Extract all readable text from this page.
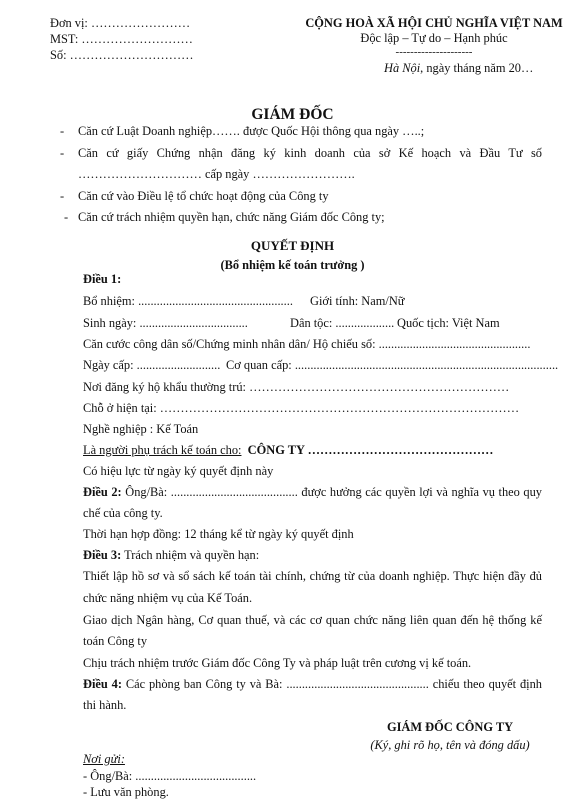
Đơn vị: ……………………
MST: ………………………
Số: …………………………
CỘNG HOÀ XÃ HỘI CHỦ NGHĨA VIỆT NAM
Độc lập – Tự do – Hạnh phúc
---------------------
Hà Nội, ngày tháng năm 20…
GIÁM ĐỐC
- Căn cứ Luật Doanh nghiệp……. được Quốc Hội thông qua ngày …..;
- Căn cứ giấy Chứng nhận đăng ký kinh doanh của sở Kế hoạch và Đầu Tư số
………………………… cấp ngày …………………….
- Căn cứ vào Điều lệ tổ chức hoạt động của Công ty
- Căn cứ trách nhiệm quyền hạn, chức năng Giám đốc Công ty;
QUYẾT ĐỊNH
(Bổ nhiệm kế toán trưởng )
Điều 1:
Bổ nhiệm: .................................................. Giới tính: Nam/Nữ
Sinh ngày: ...................................	Dân tộc: ................... Quốc tịch: Việt Nam
Căn cước công dân số/Chứng minh nhân dân/ Hộ chiếu số: .................................................
Ngày cấp: ........................... Cơ quan cấp: .....................................................................................
Nơi đăng ký hộ khẩu thường trú: ………………………………………………………
Chỗ ở hiện tại: ……………………………………………………………………………
Nghề nghiệp : Kế Toán
Là người phụ trách kế toán cho: CÔNG TY ………………………………………
Có hiệu lực từ ngày ký quyết định này
Điều 2: Ông/Bà: ......................................... được hưởng các quyền lợi và nghĩa vụ theo quy
chế của công ty.
Thời hạn hợp đồng: 12 tháng kể từ ngày ký quyết định
Điều 3: Trách nhiệm và quyền hạn:
Thiết lập hồ sơ và sổ sách kế toán tài chính, chứng từ của doanh nghiệp. Thực hiện đầy đủ
chức năng nhiệm vụ của Kế Toán.
Giao dịch Ngân hàng, Cơ quan thuế, và các cơ quan chức năng liên quan đến hệ thống kế
toán Công ty
Chịu trách nhiệm trước Giám đốc Công Ty và pháp luật trên cương vị kế toán.
Điều 4: Các phòng ban Công ty và Bà: .............................................. chiếu theo quyết định
thi hành.
GIÁM ĐỐC CÔNG TY
(Ký, ghi rõ họ, tên và đóng dấu)
Nơi gửi:
- Ông/Bà: .......................................
- Lưu văn phòng.
